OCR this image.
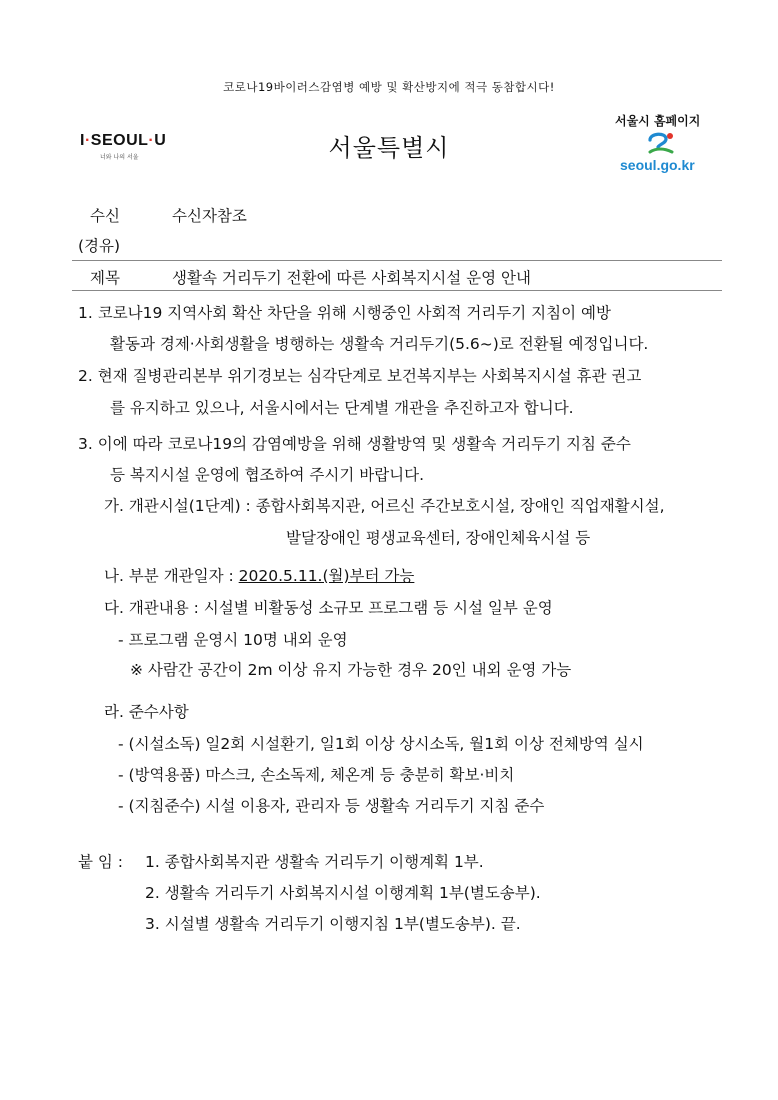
코로나19바이러스감염병 예방 및 확산방지에 적극 동참합시다!
I·SEOUL·U
너와 나의 서울	서울특별시
서울시 홈페이지
seoul.go.kr
수신	수신자참조
(경유)
제목	생활속 거리두기 전환에 따른 사회복지시설 운영 안내
1. 코로나19 지역사회 확산 차단을 위해 시행중인 사회적 거리두기 지침이 예방
활동과 경제·사회생활을 병행하는 생활속 거리두기(5.6~)로 전환될 예정입니다.
2. 현재 질병관리본부 위기경보는 심각단계로 보건복지부는 사회복지시설 휴관 권고
를 유지하고 있으나, 서울시에서는 단계별 개관을 추진하고자 합니다.
3. 이에 따라 코로나19의 감염예방을 위해 생활방역 및 생활속 거리두기 지침 준수
등 복지시설 운영에 협조하여 주시기 바랍니다.
가. 개관시설(1단계) : 종합사회복지관, 어르신 주간보호시설, 장애인 직업재활시설,
발달장애인 평생교육센터, 장애인체육시설 등
나. 부분 개관일자 : 2020.5.11.(월)부터 가능
다. 개관내용 : 시설별 비활동성 소규모 프로그램 등 시설 일부 운영
- 프로그램 운영시 10명 내외 운영
※ 사람간 공간이 2m 이상 유지 가능한 경우 20인 내외 운영 가능
라. 준수사항
- (시설소독) 일2회 시설환기, 일1회 이상 상시소독, 월1회 이상 전체방역 실시
- (방역용품) 마스크, 손소독제, 체온계 등 충분히 확보·비치
- (지침준수) 시설 이용자, 관리자 등 생활속 거리두기 지침 준수
붙 임 : 1. 종합사회복지관 생활속 거리두기 이행계획 1부.
2. 생활속 거리두기 사회복지시설 이행계획 1부(별도송부).
3. 시설별 생활속 거리두기 이행지침 1부(별도송부). 끝.
